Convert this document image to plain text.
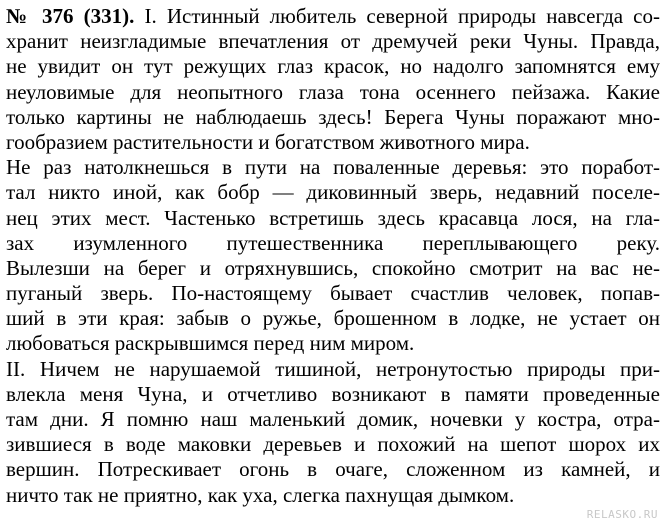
№ 376 (331). I. Истинный любитель северной природы навсегда со-
хранит неизгладимые впечатления от дремучей реки Чуны. Правда,
не увидит он тут режущих глаз красок, но надолго запомнятся ему
неуловимые для неопытного глаза тона осеннего пейзажа. Какие
только картины не наблюдаешь здесь! Берега Чуны поражают мно-
гообразием растительности и богатством животного мира.
Не раз натолкнешься в пути на поваленные деревья: это поработ-
тал никто иной, как бобр — диковинный зверь, недавний поселе-
нец этих мест. Частенько встретишь здесь красавца лося, на гла-
зах изумленного путешественника переплывающего реку.
Вылезши на берег и отряхнувшись, спокойно смотрит на вас не-
пуганый зверь. По-настоящему бывает счастлив человек, попав-
ший в эти края: забыв о ружье, брошенном в лодке, не устает он
любоваться раскрывшимся перед ним миром.
II. Ничем не нарушаемой тишиной, нетронутостью природы при-
влекла меня Чуна, и отчетливо возникают в памяти проведенные
там дни. Я помню наш маленький домик, ночевки у костра, отра-
зившиеся в воде маковки деревьев и похожий на шепот шорох их
вершин. Потрескивает огонь в очаге, сложенном из камней, и
ничто так не приятно, как уха, слегка пахнущая дымком.
RELASKO.RU
